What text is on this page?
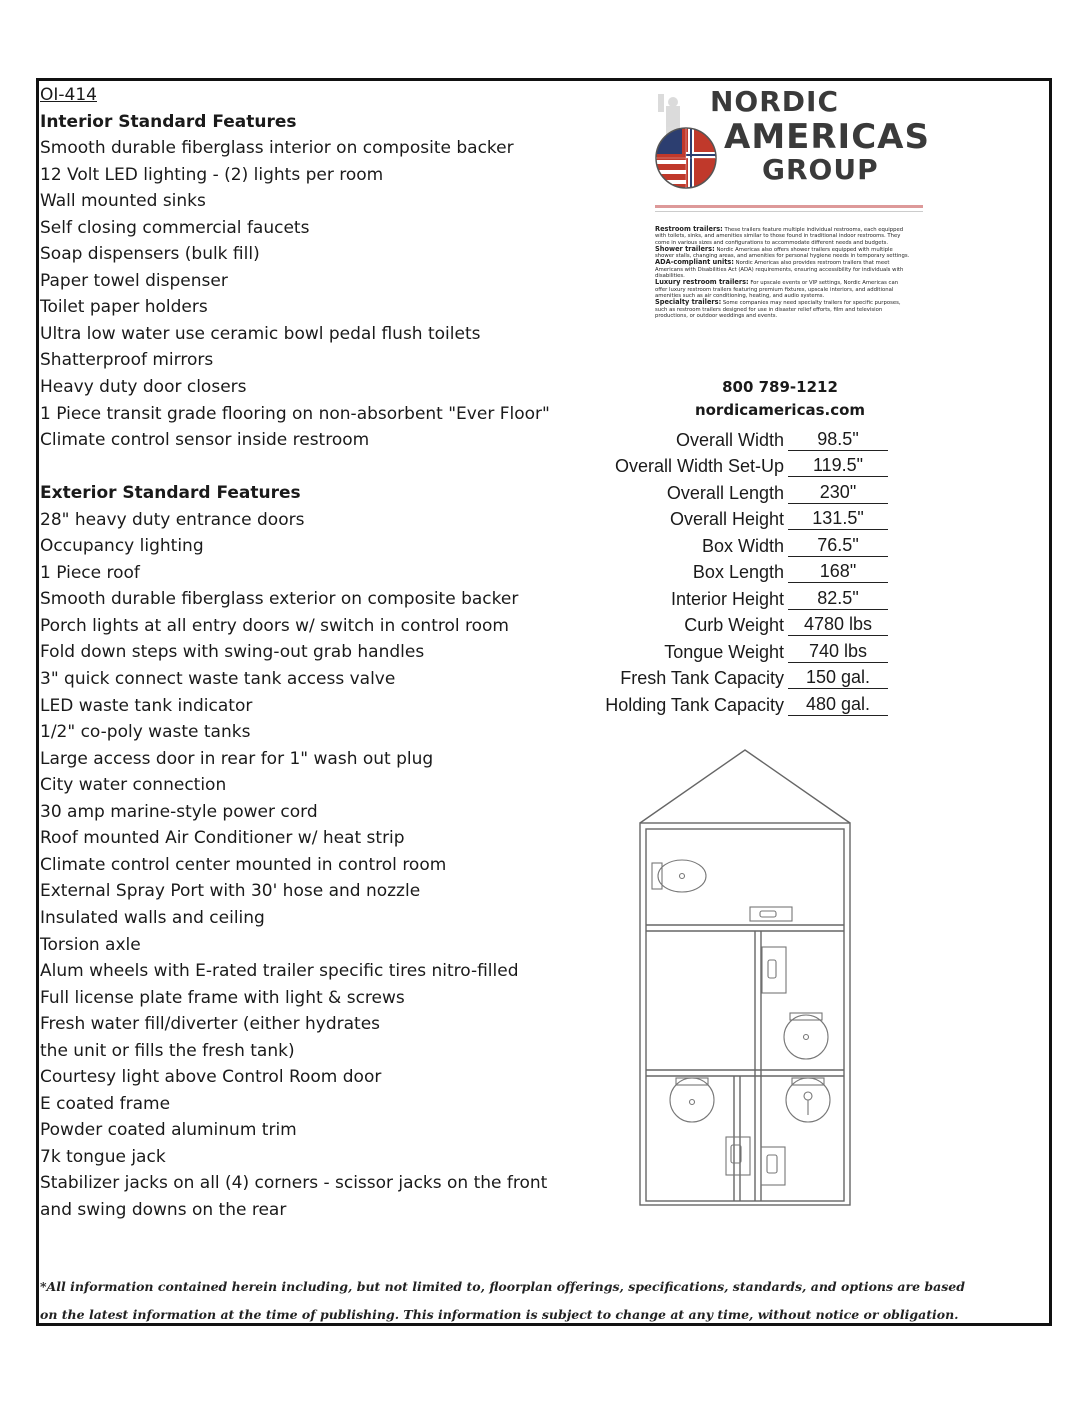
OI-414
Interior Standard Features
Smooth durable fiberglass interior on composite backer
12 Volt LED lighting - (2) lights per room
Wall mounted sinks
Self closing commercial faucets
Soap dispensers (bulk fill)
Paper towel dispenser
Toilet paper holders
Ultra low water use ceramic bowl pedal flush toilets
Shatterproof mirrors
Heavy duty door closers
1 Piece transit grade flooring on non-absorbent "Ever Floor"
Climate control sensor inside restroom
Exterior Standard Features
28" heavy duty entrance doors
Occupancy lighting
1 Piece roof
Smooth durable fiberglass exterior on composite backer
Porch lights at all entry doors w/ switch in control room
Fold down steps with swing-out grab handles
3" quick connect waste tank access valve
LED waste tank indicator
1/2" co-poly waste tanks
Large access door in rear for 1" wash out plug
City water connection
30 amp marine-style power cord
Roof mounted Air Conditioner w/ heat strip
Climate control center mounted in control room
External Spray Port with 30' hose and nozzle
Insulated walls and ceiling
Torsion axle
Alum wheels with E-rated trailer specific tires nitro-filled
Full license plate frame with light & screws
Fresh water fill/diverter (either hydrates
the unit or fills the fresh tank)
Courtesy light above Control Room door
E coated frame
Powder coated aluminum trim
7k tongue jack
Stabilizer jacks on all (4) corners - scissor jacks on the front
and swing downs on the rear
NORDIC
AMERICAS
GROUP

Restroom trailers: These trailers feature multiple individual restrooms, each equipped with toilets, sinks, and amenities similar to those found in traditional indoor restrooms. They come in various sizes and configurations to accommodate different needs and budgets.

Shower trailers: Nordic Americas also offers shower trailers equipped with multiple shower stalls, changing areas, and amenities for personal hygiene needs in temporary settings.

ADA-compliant units: Nordic Americas also provides restroom trailers that meet Americans with Disabilities Act (ADA) requirements, ensuring accessibility for individuals with disabilities.

Luxury restroom trailers: For upscale events or VIP settings, Nordic Americas can offer luxury restroom trailers featuring premium fixtures, upscale interiors, and additional amenities such as air conditioning, heating, and audio systems.

Specialty trailers: Some companies may need specialty trailers for specific purposes, such as restroom trailers designed for use in disaster relief efforts, film and television productions, or outdoor weddings and events.

800 789-1212
nordicamericas.com
Overall Width	98.5"
Overall Width Set-Up	119.5"
Overall Length	230"
Overall Height	131.5"
Box Width	76.5"
Box Length	168"
Interior Height	82.5"
Curb Weight	4780 lbs
Tongue Weight	740 lbs
Fresh Tank Capacity	150 gal.
Holding Tank Capacity	480 gal.
*All information contained herein including, but not limited to, floorplan offerings, specifications, standards, and options are based
on the latest information at the time of publishing. This information is subject to change at any time, without notice or obligation.
